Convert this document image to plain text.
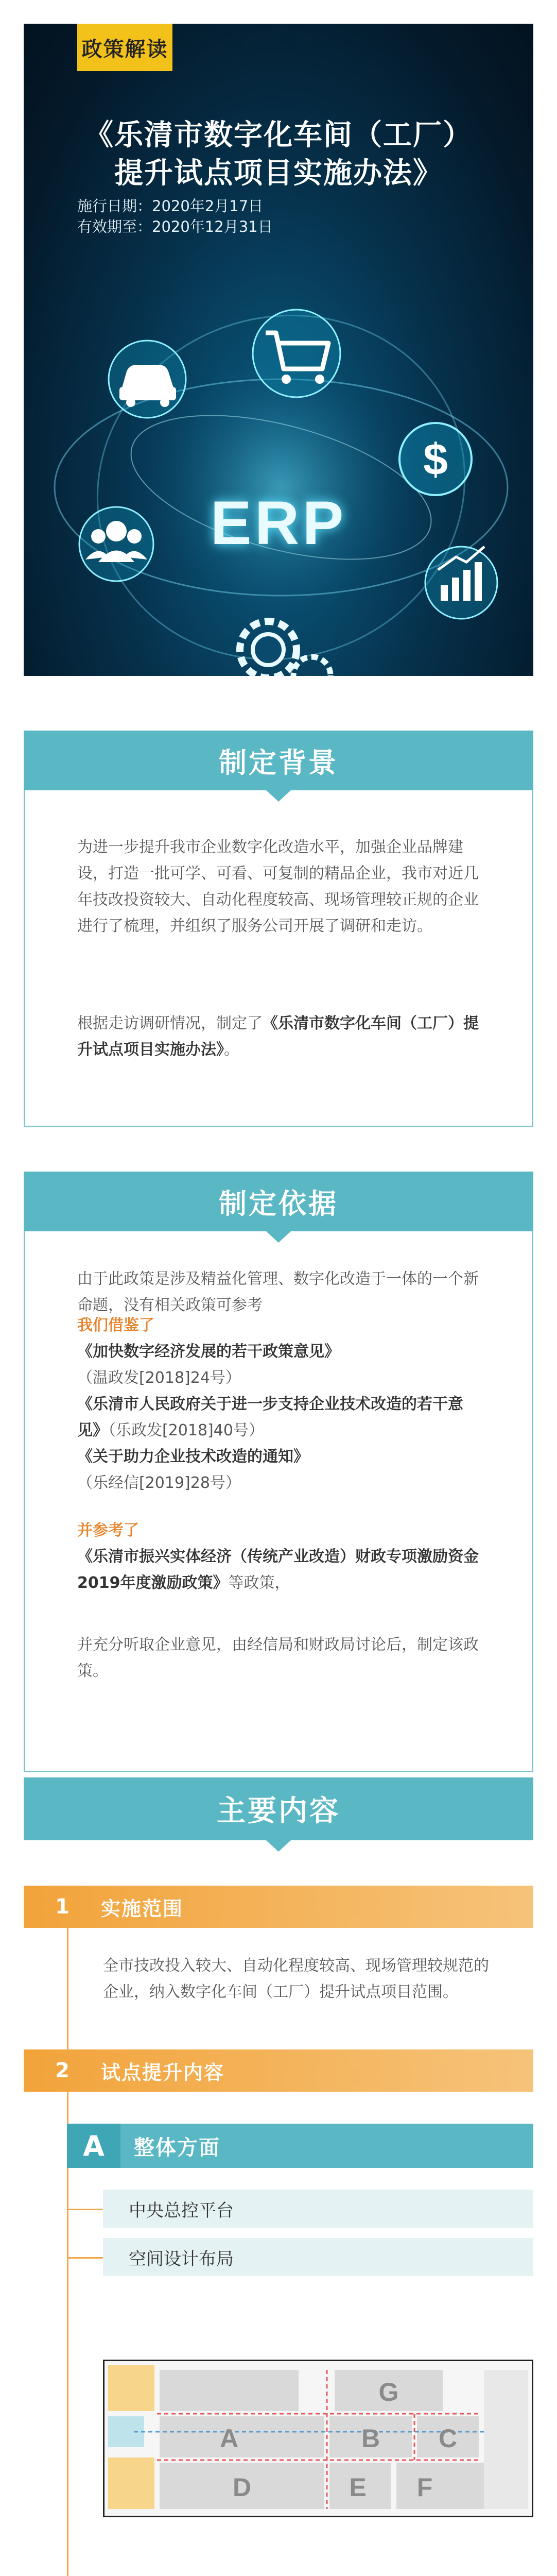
$
政策解读
《乐清市数字化车间（工厂）
提升试点项目实施办法》
施行日期：2020年2月17日
有效期至：2020年12月31日
ERP
制定背景
为进一步提升我市企业数字化改造水平，加强企业品牌建设，打造一批可学、可看、可复制的精品企业，我市对近几年技改投资较大、自动化程度较高、现场管理较正规的企业进行了梳理，并组织了服务公司开展了调研和走访。
根据走访调研情况，制定了《乐清市数字化车间（工厂）提升试点项目实施办法》。
制定依据
由于此政策是涉及精益化管理、数字化改造于一体的一个新命题，没有相关政策可参考
我们借鉴了
《加快数字经济发展的若干政策意见》
（温政发[2018]24号）
《乐清市人民政府关于进一步支持企业技术改造的若干意见》（乐政发[2018]40号）
《关于助力企业技术改造的通知》
（乐经信[2019]28号）
并参考了
《乐清市振兴实体经济（传统产业改造）财政专项激励资金2019年度激励政策》等政策，
并充分听取企业意见，由经信局和财政局讨论后，制定该政策。
主要内容
1	实施范围
全市技改投入较大、自动化程度较高、现场管理较规范的企业，纳入数字化车间（工厂）提升试点项目范围。
2	试点提升内容
A	整体方面
中央总控平台
空间设计布局
A	B C
D	E F
G
